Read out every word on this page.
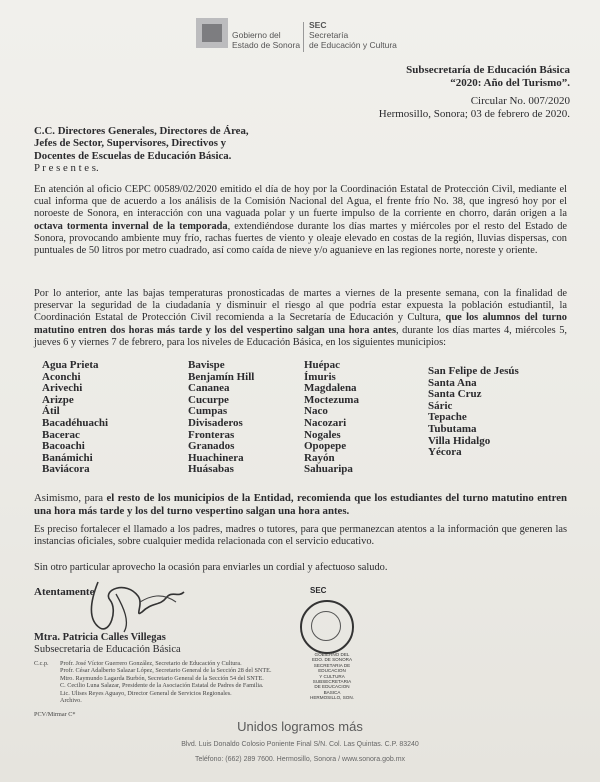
Gobierno del
Estado de Sonora
SEC
Secretaría
de Educación y Cultura
Subsecretaría de Educación Básica
“2020: Año del Turismo”.
Circular No. 007/2020
Hermosillo, Sonora; 03 de febrero de 2020.
C.C. Directores Generales, Directores de Área,
Jefes de Sector, Supervisores, Directivos y
Docentes de Escuelas de Educación Básica.
P r e s e n t e s.
En atención al oficio CEPC 00589/02/2020 emitido el día de hoy por la Coordinación Estatal de Protección Civil, mediante el cual informa que de acuerdo a los análisis de la Comisión Nacional del Agua, el frente frío No. 38, que ingresó hoy por el noroeste de Sonora, en interacción con una vaguada polar y un fuerte impulso de la corriente en chorro, darán origen a la octava tormenta invernal de la temporada, extendiéndose durante los días martes y miércoles por el resto del Estado de Sonora, provocando ambiente muy frío, rachas fuertes de viento y oleaje elevado en costas de la región, lluvias dispersas, con puntuales de 50 litros por metro cuadrado, así como caída de nieve y/o aguanieve en las regiones norte, noreste y oriente.
Por lo anterior, ante las bajas temperaturas pronosticadas de martes a viernes de la presente semana, con la finalidad de preservar la seguridad de la ciudadanía y disminuir el riesgo al que podría estar expuesta la población estudiantil, la Coordinación Estatal de Protección Civil recomienda a la Secretaría de Educación y Cultura, que los alumnos del turno matutino entren dos horas más tarde y los del vespertino salgan una hora antes, durante los días martes 4, miércoles 5, jueves 6 y viernes 7 de febrero, para los niveles de Educación Básica, en los siguientes municipios:
Agua Prieta
Aconchi
Arivechi
Arizpe
Átil
Bacadéhuachi
Bacerac
Bacoachi
Banámichi
Baviácora
Bavispe
Benjamín Hill
Cananea
Cucurpe
Cumpas
Divisaderos
Fronteras
Granados
Huachinera
Huásabas
Huépac
Ímuris
Magdalena
Moctezuma
Naco
Nacozari
Nogales
Opopepe
Rayón
Sahuaripa
San Felipe de Jesús
Santa Ana
Santa Cruz
Sáric
Tepache
Tubutama
Villa Hidalgo
Yécora
Asimismo, para el resto de los municipios de la Entidad, recomienda que los estudiantes del turno matutino entren una hora más tarde y los del turno vespertino salgan una hora antes.
Es preciso fortalecer el llamado a los padres, madres o tutores, para que permanezcan atentos a la información que generen las instancias oficiales, sobre cualquier medida relacionada con el servicio educativo.
Sin otro particular aprovecho la ocasión para enviarles un cordial y afectuoso saludo.
Atentamente
Mtra. Patricia Calles Villegas
Subsecretaria de Educación Básica
SEC
GOBIERNO DEL
EDO. DE SONORA
SECRETARIA DE
EDUCACION
Y CULTURA
SUBSECRETARIA
DE EDUCACION
BASICA
HERMOSILLO, SON.
C.c.p. Profr. José Víctor Guerrero González, Secretario de Educación y Cultura.
Profr. César Adalberto Salazar López, Secretario General de la Sección 28 del SNTE.
Mtro. Raymundo Lagarda Burbón, Secretario General de la Sección 54 del SNTE.
C. Cecilio Luna Salazar, Presidente de la Asociación Estatal de Padres de Familia.
Lic. Ulises Reyes Aguayo, Director General de Servicios Regionales.
Archivo.
PCV/Mirmar C*
Unidos logramos más
Blvd. Luis Donaldo Colosio Poniente Final S/N. Col. Las Quintas. C.P. 83240
Teléfono: (662) 289 7600. Hermosillo, Sonora / www.sonora.gob.mx
